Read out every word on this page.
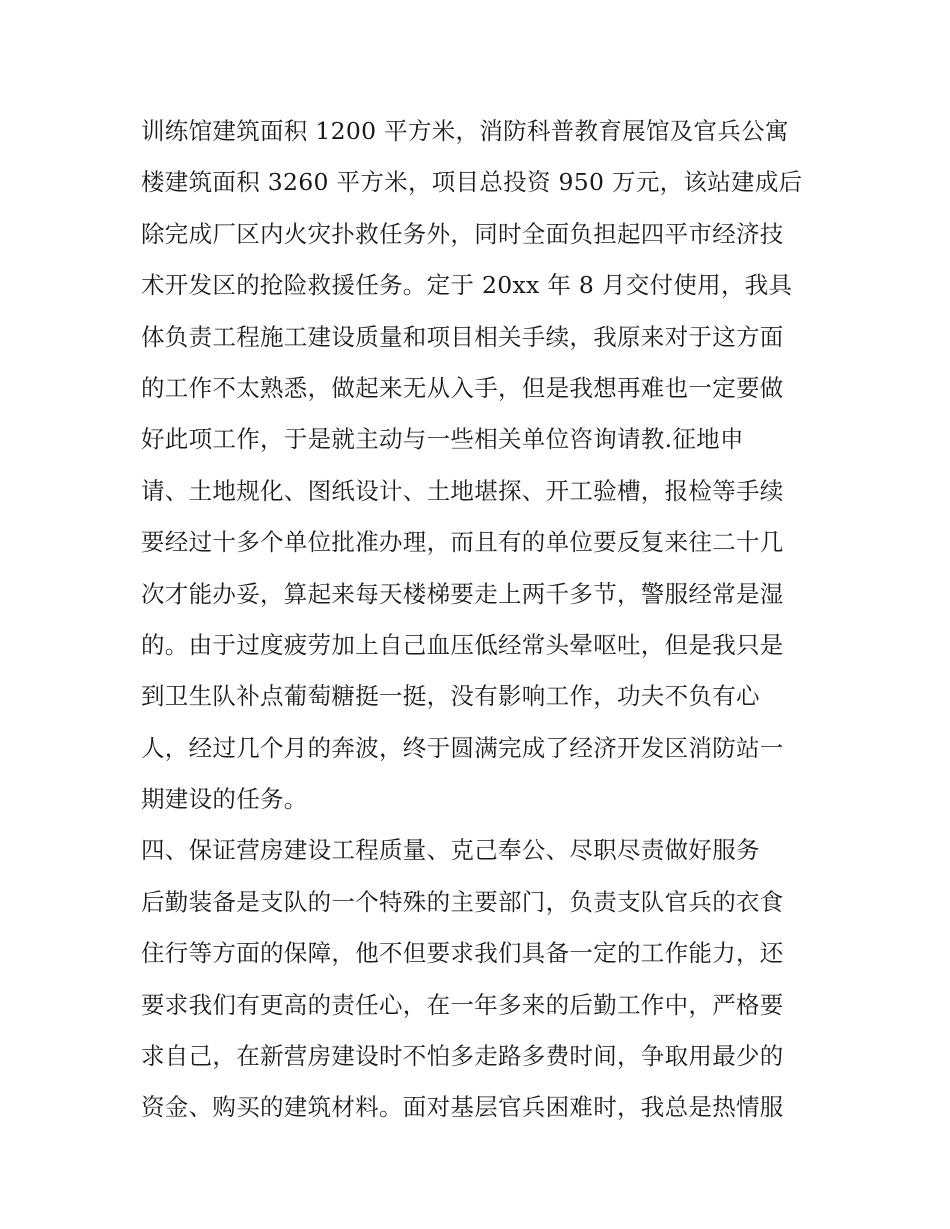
训练馆建筑面积 1200 平方米，消防科普教育展馆及官兵公寓
楼建筑面积 3260 平方米，项目总投资 950 万元，该站建成后
除完成厂区内火灾扑救任务外，同时全面负担起四平市经济技
术开发区的抢险救援任务。定于 20xx 年 8 月交付使用，我具
体负责工程施工建设质量和项目相关手续，我原来对于这方面
的工作不太熟悉，做起来无从入手，但是我想再难也一定要做
好此项工作，于是就主动与一些相关单位咨询请教.征地申
请、土地规化、图纸设计、土地堪探、开工验槽，报检等手续
要经过十多个单位批准办理，而且有的单位要反复来往二十几
次才能办妥，算起来每天楼梯要走上两千多节，警服经常是湿
的。由于过度疲劳加上自己血压低经常头晕呕吐，但是我只是
到卫生队补点葡萄糖挺一挺，没有影响工作，功夫不负有心
人，经过几个月的奔波，终于圆满完成了经济开发区消防站一
期建设的任务。
四、保证营房建设工程质量、克己奉公、尽职尽责做好服务
后勤装备是支队的一个特殊的主要部门，负责支队官兵的衣食
住行等方面的保障，他不但要求我们具备一定的工作能力，还
要求我们有更高的责任心，在一年多来的后勤工作中，严格要
求自己，在新营房建设时不怕多走路多费时间，争取用最少的
资金、购买的建筑材料。面对基层官兵困难时，我总是热情服
